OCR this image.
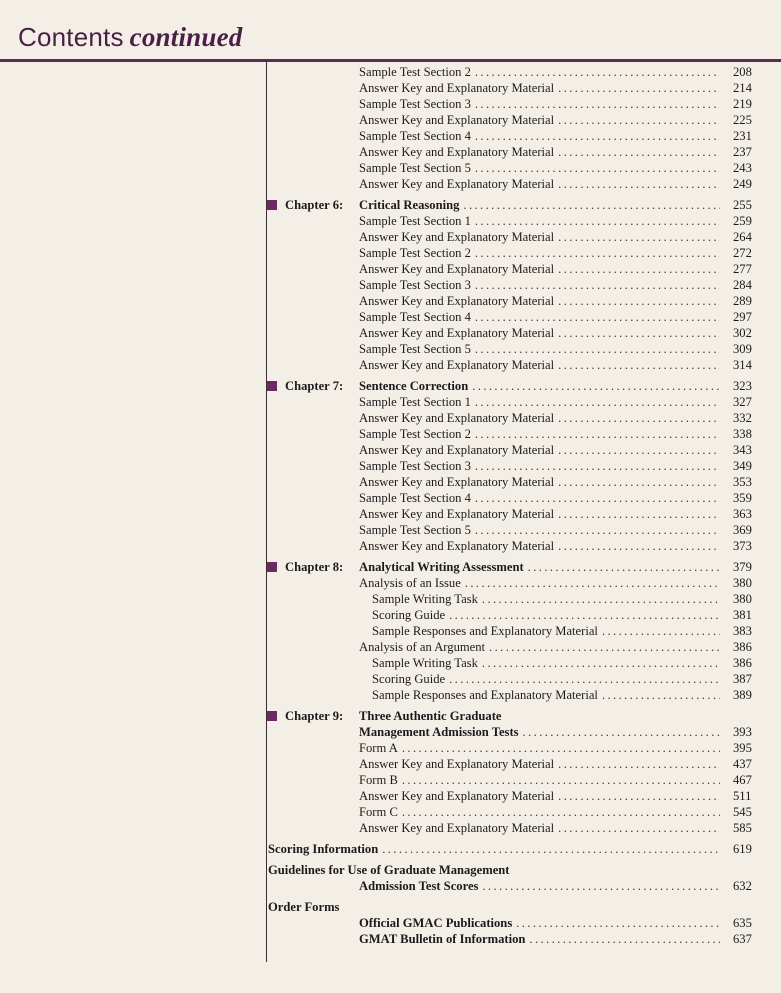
Contents continued
Sample Test Section 2 .....	208
Answer Key and Explanatory Material .....	214
Sample Test Section 3 .....	219
Answer Key and Explanatory Material .....	225
Sample Test Section 4 .....	231
Answer Key and Explanatory Material .....	237
Sample Test Section 5 .....	243
Answer Key and Explanatory Material .....	249
Chapter 6: Critical Reasoning .....	255
Sample Test Section 1 .....	259
Answer Key and Explanatory Material .....	264
Sample Test Section 2 .....	272
Answer Key and Explanatory Material .....	277
Sample Test Section 3 .....	284
Answer Key and Explanatory Material .....	289
Sample Test Section 4 .....	297
Answer Key and Explanatory Material .....	302
Sample Test Section 5 .....	309
Answer Key and Explanatory Material .....	314
Chapter 7: Sentence Correction .....	323
Sample Test Section 1 .....	327
Answer Key and Explanatory Material .....	332
Sample Test Section 2 .....	338
Answer Key and Explanatory Material .....	343
Sample Test Section 3 .....	349
Answer Key and Explanatory Material .....	353
Sample Test Section 4 .....	359
Answer Key and Explanatory Material .....	363
Sample Test Section 5 .....	369
Answer Key and Explanatory Material .....	373
Chapter 8: Analytical Writing Assessment .....	379
Analysis of an Issue .....	380
Sample Writing Task .....	380
Scoring Guide .....	381
Sample Responses and Explanatory Material .....	383
Analysis of an Argument .....	386
Sample Writing Task .....	386
Scoring Guide .....	387
Sample Responses and Explanatory Material .....	389
Chapter 9: Three Authentic Graduate
Management Admission Tests .....	393
Form A .....	395
Answer Key and Explanatory Material .....	437
Form B .....	467
Answer Key and Explanatory Material .....	511
Form C .....	545
Answer Key and Explanatory Material .....	585
Scoring Information .....	619
Guidelines for Use of Graduate Management
Admission Test Scores .....	632
Order Forms
Official GMAC Publications .....	635
GMAT Bulletin of Information .....	637
